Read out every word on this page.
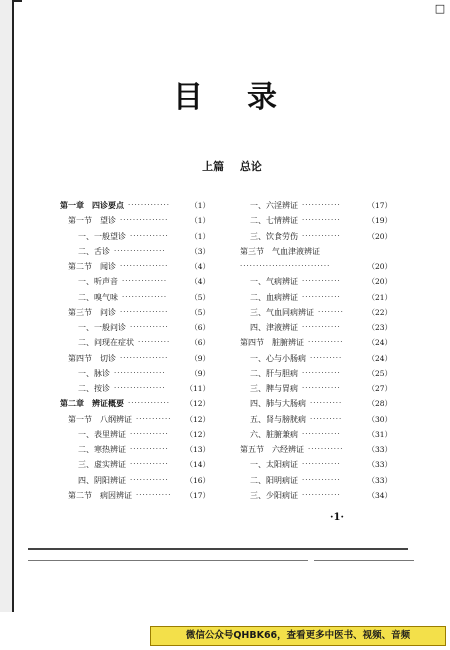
□
目录
上篇 总论
第一章　四诊要点 ·············	（1）
第一节　望诊 ···············	（1）
一、一般望诊 ············	（1）
二、舌诊 ················	（3）
第二节　闻诊 ···············	（4）
一、听声音 ··············	（4）
二、嗅气味 ··············	（5）
第三节　问诊 ···············	（5）
一、一般问诊 ············	（6）
二、问现在症状 ··········	（6）
第四节　切诊 ···············	（9）
一、脉诊 ················	（9）
二、按诊 ················	（11）
第二章　辨证概要 ············· （12）
第一节　八纲辨证 ··········· （12）
一、表里辨证 ············ （12）
二、寒热辨证 ············ （13）
三、虚实辨证 ············ （14）
四、阴阳辨证 ············ （16）
第二节　病因辨证 ··········· （17）
一、六淫辨证 ············	（17）
二、七情辨证 ············	（19）
三、饮食劳伤 ············	（20）
第三节　气血津液辨证
····························	（20）
一、气病辨证 ············	（20）
二、血病辨证 ············	（21）
三、气血同病辨证 ········	（22）
四、津液辨证 ············	（23）
第四节　脏腑辨证 ···········	（24）
一、心与小肠病 ··········	（24）
二、肝与胆病 ············	（25）
三、脾与胃病 ············	（27）
四、肺与大肠病 ··········	（28）
五、肾与膀胱病 ··········	（30）
六、脏腑兼病 ············	（31）
第五节　六经辨证 ···········	（33）
一、太阳病证 ············	（33）
二、阳明病证 ············	（33）
三、少阳病证 ············	（34）
·1·
微信公众号QHBK66，查看更多中医书、视频、音频
